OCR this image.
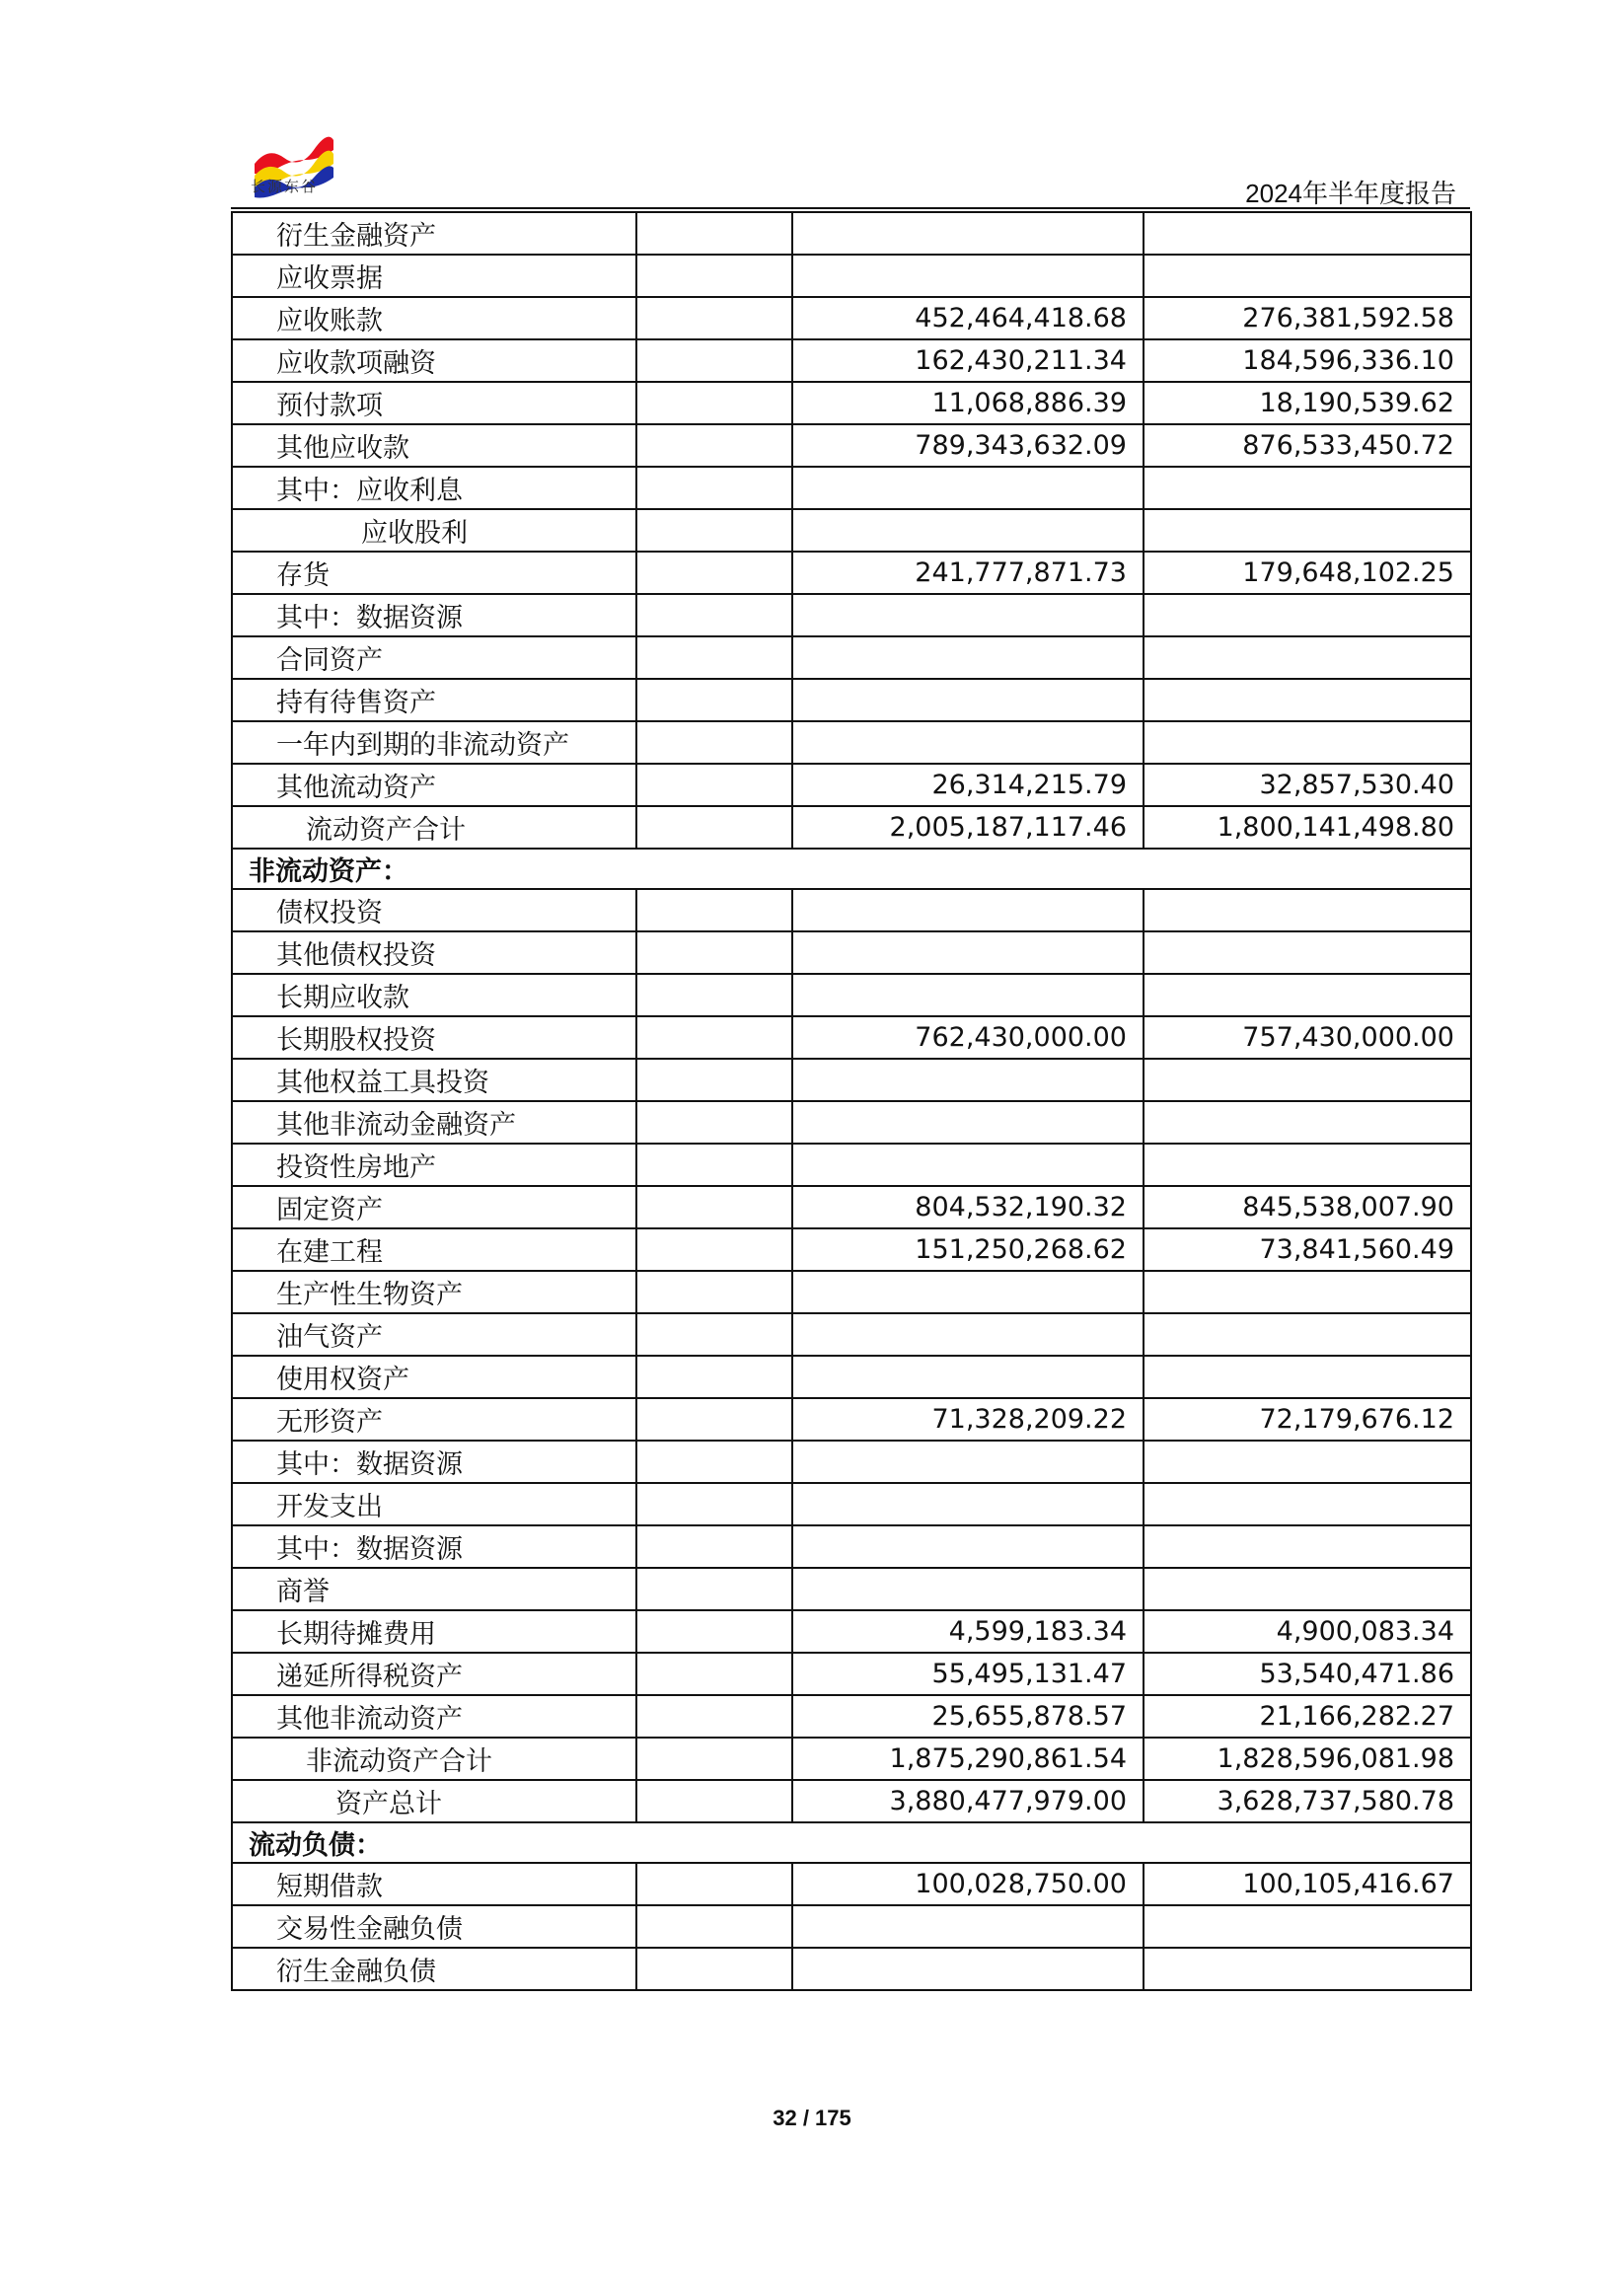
长源东谷	2024年半年度报告
衍生金融资产			
应收票据			
应收账款		452,464,418.68	276,381,592.58
应收款项融资		162,430,211.34	184,596,336.10
预付款项		11,068,886.39	18,190,539.62
其他应收款		789,343,632.09	876,533,450.72
其中：应收利息			
应收股利			
存货		241,777,871.73	179,648,102.25
其中：数据资源			
合同资产			
持有待售资产			
一年内到期的非流动资产			
其他流动资产		26,314,215.79	32,857,530.40
流动资产合计		2,005,187,117.46	1,800,141,498.80
非流动资产：			
债权投资			
其他债权投资			
长期应收款			
长期股权投资		762,430,000.00	757,430,000.00
其他权益工具投资			
其他非流动金融资产			
投资性房地产			
固定资产		804,532,190.32	845,538,007.90
在建工程		151,250,268.62	73,841,560.49
生产性生物资产			
油气资产			
使用权资产			
无形资产		71,328,209.22	72,179,676.12
其中：数据资源			
开发支出			
其中：数据资源			
商誉			
长期待摊费用		4,599,183.34	4,900,083.34
递延所得税资产		55,495,131.47	53,540,471.86
其他非流动资产		25,655,878.57	21,166,282.27
非流动资产合计		1,875,290,861.54	1,828,596,081.98
资产总计		3,880,477,979.00	3,628,737,580.78
流动负债：			
短期借款		100,028,750.00	100,105,416.67
交易性金融负债			
衍生金融负债			
32 / 175
